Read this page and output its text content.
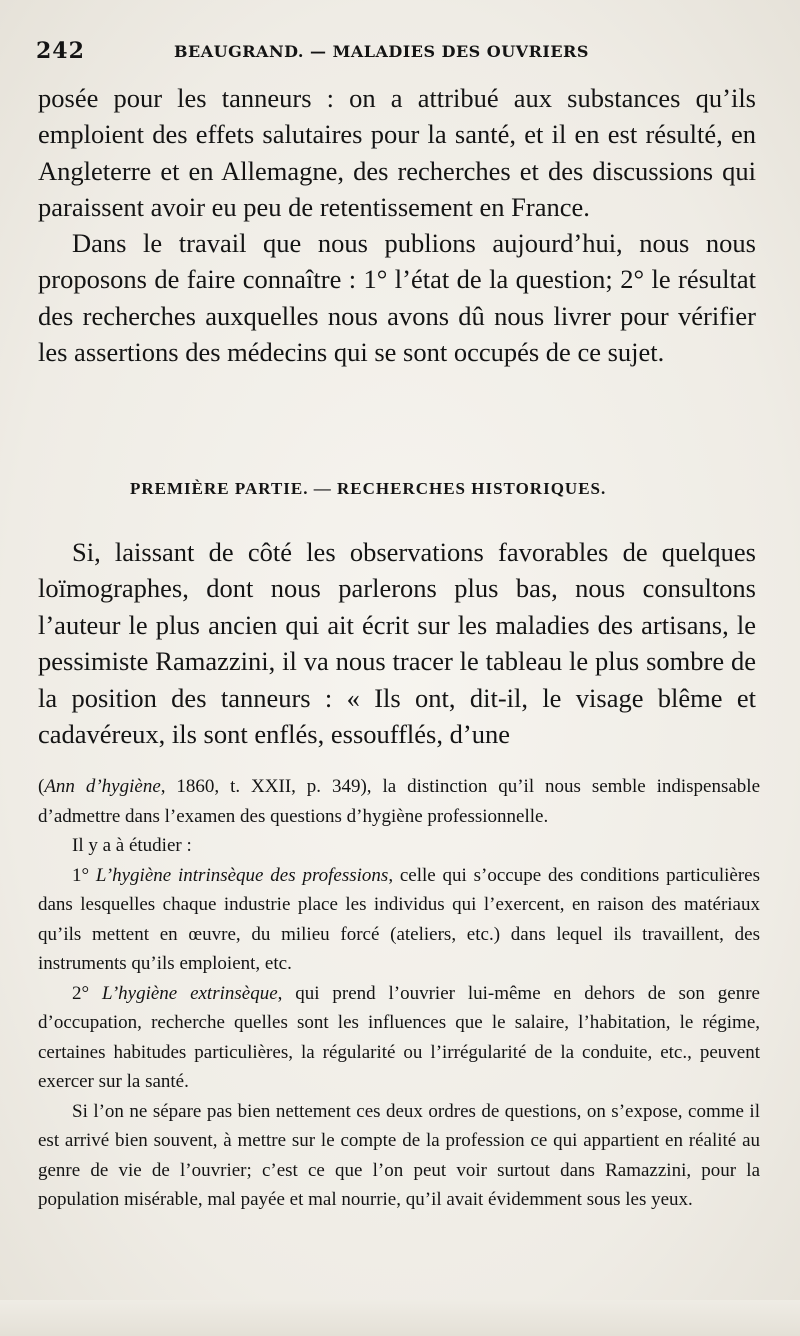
242	BEAUGRAND. — MALADIES DES OUVRIERS

posée pour les tanneurs : on a attribué aux substances qu’ils emploient des effets salutaires pour la santé, et il en est résulté, en Angleterre et en Allemagne, des recherches et des discussions qui paraissent avoir eu peu de retentissement en France.

Dans le travail que nous publions aujourd’hui, nous nous proposons de faire connaître : 1° l’état de la question; 2° le résultat des recherches auxquelles nous avons dû nous livrer pour vérifier les assertions des médecins qui se sont occupés de ce sujet.

PREMIÈRE PARTIE. — RECHERCHES HISTORIQUES.

Si, laissant de côté les observations favorables de quelques loïmographes, dont nous parlerons plus bas, nous consultons l’auteur le plus ancien qui ait écrit sur les maladies des artisans, le pessimiste Ramazzini, il va nous tracer le tableau le plus sombre de la position des tanneurs : « Ils ont, dit-il, le visage blême et cadavéreux, ils sont enflés, essoufflés, d’une

(Ann d’hygiène, 1860, t. XXII, p. 349), la distinction qu’il nous semble indispensable d’admettre dans l’examen des questions d’hygiène professionnelle.

Il y a à étudier :

1° L’hygiène intrinsèque des professions, celle qui s’occupe des conditions particulières dans lesquelles chaque industrie place les individus qui l’exercent, en raison des matériaux qu’ils mettent en œuvre, du milieu forcé (ateliers, etc.) dans lequel ils travaillent, des instruments qu’ils emploient, etc.

2° L’hygiène extrinsèque, qui prend l’ouvrier lui-même en dehors de son genre d’occupation, recherche quelles sont les influences que le salaire, l’habitation, le régime, certaines habitudes particulières, la régularité ou l’irrégularité de la conduite, etc., peuvent exercer sur la santé.

Si l’on ne sépare pas bien nettement ces deux ordres de questions, on s’expose, comme il est arrivé bien souvent, à mettre sur le compte de la profession ce qui appartient en réalité au genre de vie de l’ouvrier; c’est ce que l’on peut voir surtout dans Ramazzini, pour la population misérable, mal payée et mal nourrie, qu’il avait évidemment sous les yeux.
